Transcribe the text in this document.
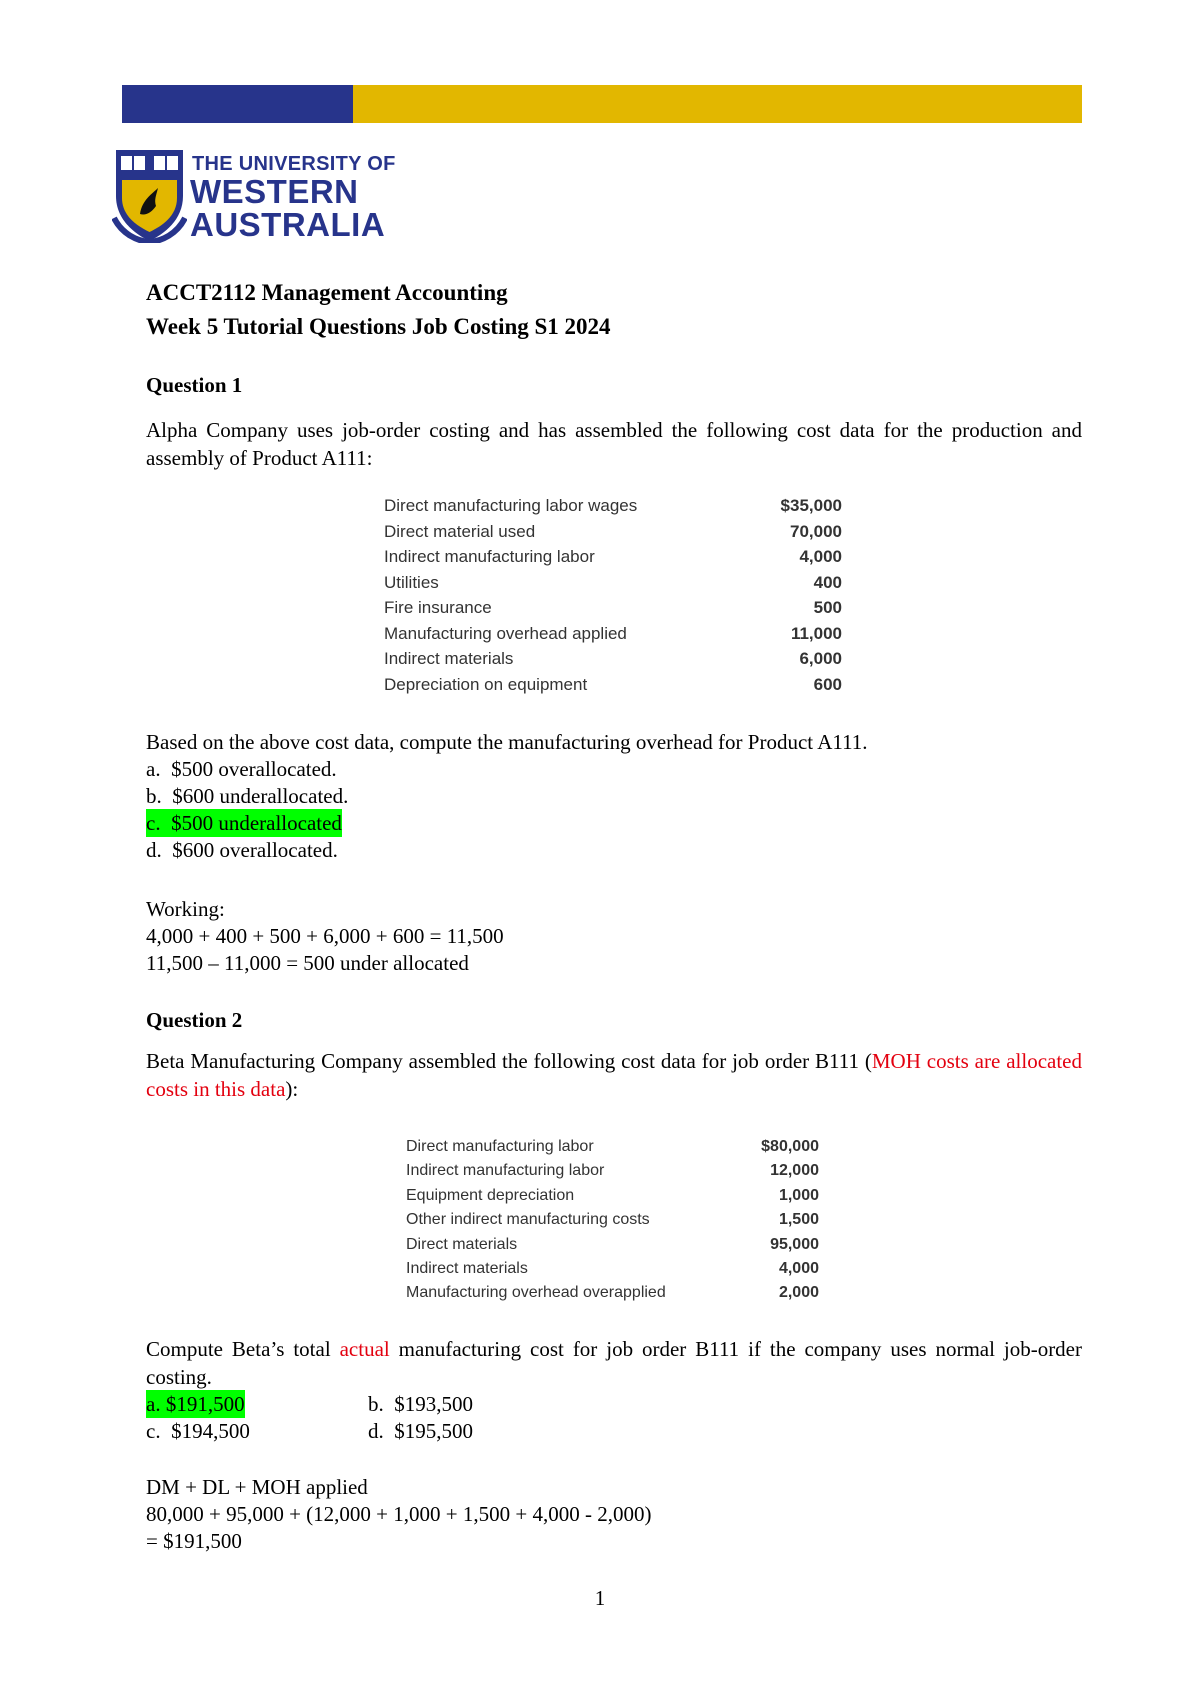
THE UNIVERSITY OF
WESTERN
AUSTRALIA
ACCT2112 Management Accounting
Week 5 Tutorial Questions Job Costing S1 2024
Question 1
Alpha Company uses job-order costing and has assembled the following cost data for the production and assembly of Product A111:
Direct manufacturing labor wages	$35,000
Direct material used	70,000
Indirect manufacturing labor	4,000
Utilities	400
Fire insurance	500
Manufacturing overhead applied	11,000
Indirect materials	6,000
Depreciation on equipment	600
Based on the above cost data, compute the manufacturing overhead for Product A111.
a.  $500 overallocated.
b.  $600 underallocated.
c.  $500 underallocated
d.  $600 overallocated.
Working:
4,000 + 400 + 500 + 6,000 + 600 = 11,500
11,500 – 11,000 = 500 under allocated
Question 2
Beta Manufacturing Company assembled the following cost data for job order B111 (MOH costs are allocated costs in this data):
Direct manufacturing labor	$80,000
Indirect manufacturing labor	12,000
Equipment depreciation	1,000
Other indirect manufacturing costs	1,500
Direct materials	95,000
Indirect materials	4,000
Manufacturing overhead overapplied	2,000
Compute Beta’s total actual manufacturing cost for job order B111 if the company uses normal job-order costing.
a. $191,500	b.  $193,500
c.  $194,500	d.  $195,500
DM + DL + MOH applied
80,000 + 95,000 + (12,000 + 1,000 + 1,500 + 4,000 - 2,000)
= $191,500
1
